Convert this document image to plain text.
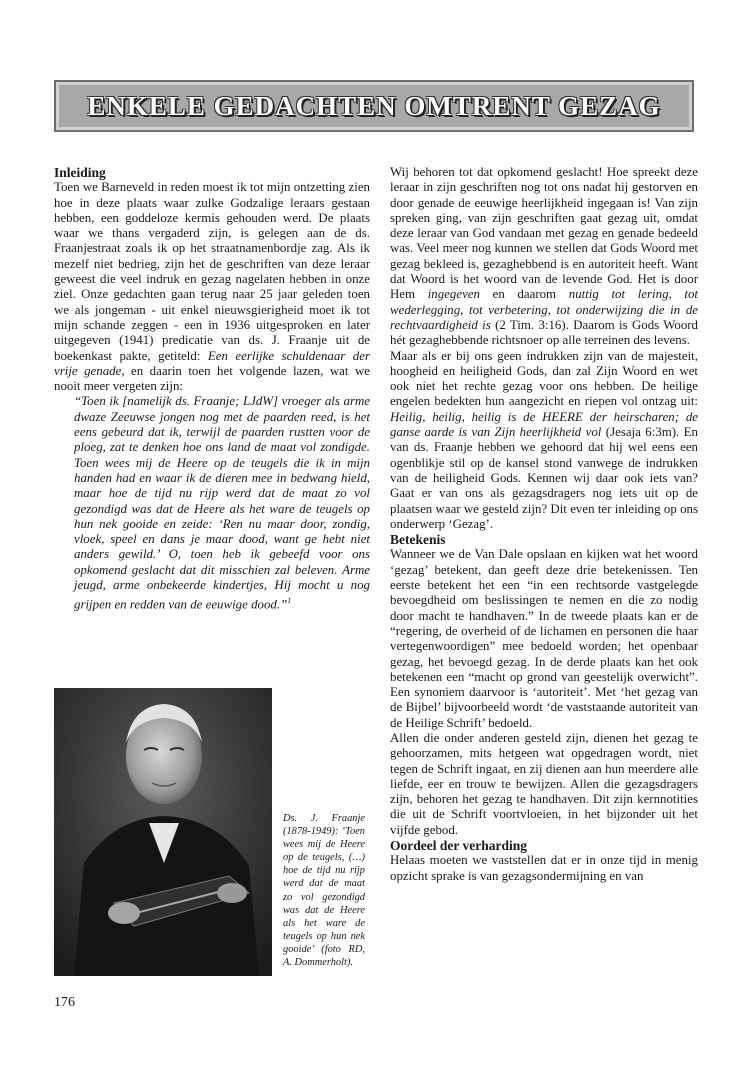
ENKELE GEDACHTEN OMTRENT GEZAG
Inleiding

Toen we Barneveld in reden moest ik tot mijn ontzetting zien hoe in deze plaats waar zulke Godzalige leraars gestaan hebben, een goddeloze kermis gehouden werd. De plaats waar we thans vergaderd zijn, is gelegen aan de ds. Fraanjestraat zoals ik op het straatnamenbordje zag. Als ik mezelf niet bedrieg, zijn het de geschriften van deze leraar geweest die veel indruk en gezag nagelaten hebben in onze ziel. Onze gedachten gaan terug naar 25 jaar geleden toen we als jongeman - uit enkel nieuwsgierigheid moet ik tot mijn schande zeggen - een in 1936 uitgesproken en later uitgegeven (1941) predicatie van ds. J. Fraanje uit de boekenkast pakte, getiteld: Een eerlijke schuldenaar der vrije genade, en daarin toen het volgende lazen, wat we nooit meer vergeten zijn:

“Toen ik [namelijk ds. Fraanje; LJdW] vroeger als arme dwaze Zeeuwse jongen nog met de paarden reed, is het eens gebeurd dat ik, terwijl de paarden rustten voor de ploeg, zat te denken hoe ons land de maat vol zondigde. Toen wees mij de Heere op de teugels die ik in mijn handen had en waar ik de dieren mee in bedwang hield, maar hoe de tijd nu rijp werd dat de maat zo vol gezondigd was dat de Heere als het ware de teugels op hun nek gooide en zeide: ‘Ren nu maar door, zondig, vloek, speel en dans je maar dood, want ge hebt niet anders gewild.’ O, toen heb ik gebeefd voor ons opkomend geslacht dat dit misschien zal beleven. Arme jeugd, arme onbekeerde kindertjes, Hij mocht u nog grijpen en redden van de eeuwige dood.”$^1$

Ds. J. Fraanje (1878-1949): ‘Toen wees mij de Heere op de teugels, (…) hoe de tijd nu rijp werd dat de maat zo vol gezondigd was dat de Heere als het ware de teugels op hun nek gooide’ (foto RD, A. Dommerholt).

Wij behoren tot dat opkomend geslacht! Hoe spreekt deze leraar in zijn geschriften nog tot ons nadat hij gestorven en door genade de eeuwige heerlijkheid ingegaan is! Van zijn spreken ging, van zijn geschriften gaat gezag uit, omdat deze leraar van God vandaan met gezag en genade bedeeld was. Veel meer nog kunnen we stellen dat Gods Woord met gezag bekleed is, gezaghebbend is en autoriteit heeft. Want dat Woord is het woord van de levende God. Het is door Hem ingegeven en daarom nuttig tot lering, tot wederlegging, tot verbetering, tot onderwijzing die in de rechtvaardigheid is (2 Tim. 3:16). Daarom is Gods Woord hét gezaghebbende richtsnoer op alle terreinen des levens.

Maar als er bij ons geen indrukken zijn van de majesteit, hoogheid en heiligheid Gods, dan zal Zijn Woord en wet ook niet het rechte gezag voor ons hebben. De heilige engelen bedekten hun aangezicht en riepen vol ontzag uit: Heilig, heilig, heilig is de HEERE der heirscharen; de ganse aarde is van Zijn heerlijkheid vol (Jesaja 6:3m). En van ds. Fraanje hebben we gehoord dat hij wel eens een ogenblikje stil op de kansel stond vanwege de indrukken van de heiligheid Gods. Kennen wij daar ook iets van? Gaat er van ons als gezagsdragers nog iets uit op de plaatsen waar we gesteld zijn? Dit even ter inleiding op ons onderwerp ‘Gezag’.

Betekenis

Wanneer we de Van Dale opslaan en kijken wat het woord ‘gezag’ betekent, dan geeft deze drie betekenissen. Ten eerste betekent het een “in een rechtsorde vastgelegde bevoegdheid om beslissingen te nemen en die zo nodig door macht te handhaven.” In de tweede plaats kan er de “regering, de overheid of de lichamen en personen die haar vertegenwoordigen” mee bedoeld worden; het openbaar gezag, het bevoegd gezag. In de derde plaats kan het ook betekenen een “macht op grond van geestelijk overwicht”. Een synoniem daarvoor is ‘autoriteit’. Met ‘het gezag van de Bijbel’ bijvoorbeeld wordt ‘de vaststaande autoriteit van de Heilige Schrift’ bedoeld.

Allen die onder anderen gesteld zijn, dienen het gezag te gehoorzamen, mits hetgeen wat opgedragen wordt, niet tegen de Schrift ingaat, en zij dienen aan hun meerdere alle liefde, eer en trouw te bewijzen. Allen die gezagsdragers zijn, behoren het gezag te handhaven. Dit zijn kernnotities die uit de Schrift voortvloeien, in het bijzonder uit het vijfde gebod.

Oordeel der verharding

Helaas moeten we vaststellen dat er in onze tijd in menig opzicht sprake is van gezagsondermijning en van

176
